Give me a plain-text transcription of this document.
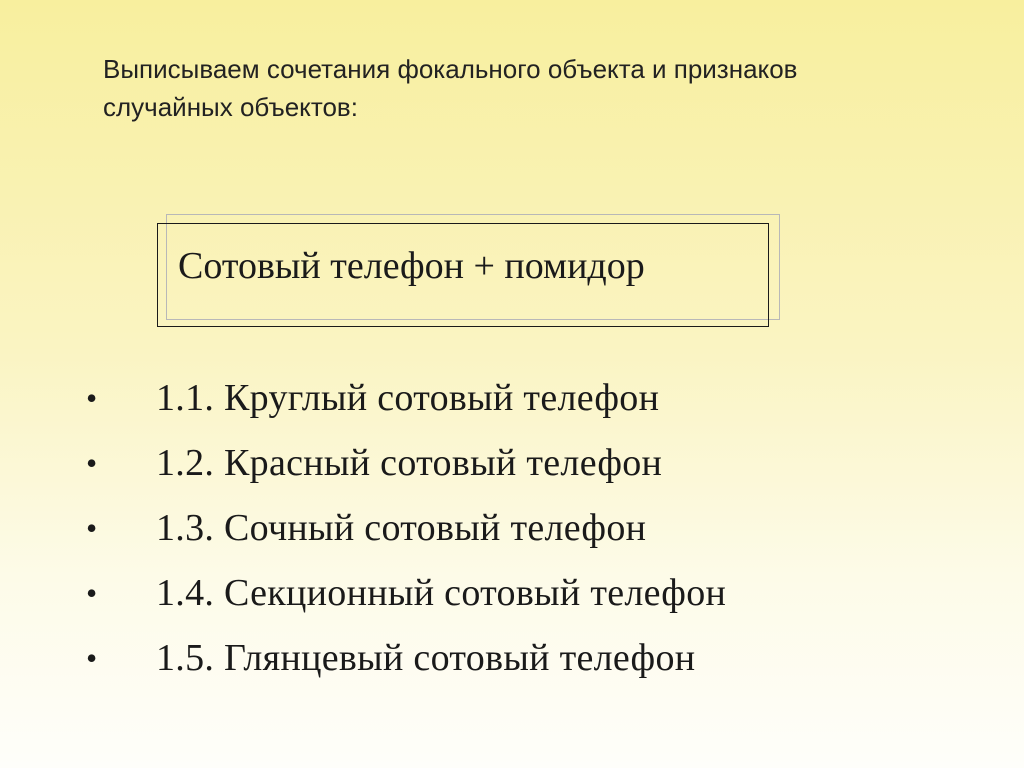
Выписываем сочетания фокального объекта и признаков
случайных объектов:
Сотовый телефон + помидор
• 1.1. Круглый сотовый телефон
• 1.2. Красный сотовый телефон
• 1.3. Сочный сотовый телефон
• 1.4. Секционный сотовый телефон
• 1.5. Глянцевый сотовый телефон
